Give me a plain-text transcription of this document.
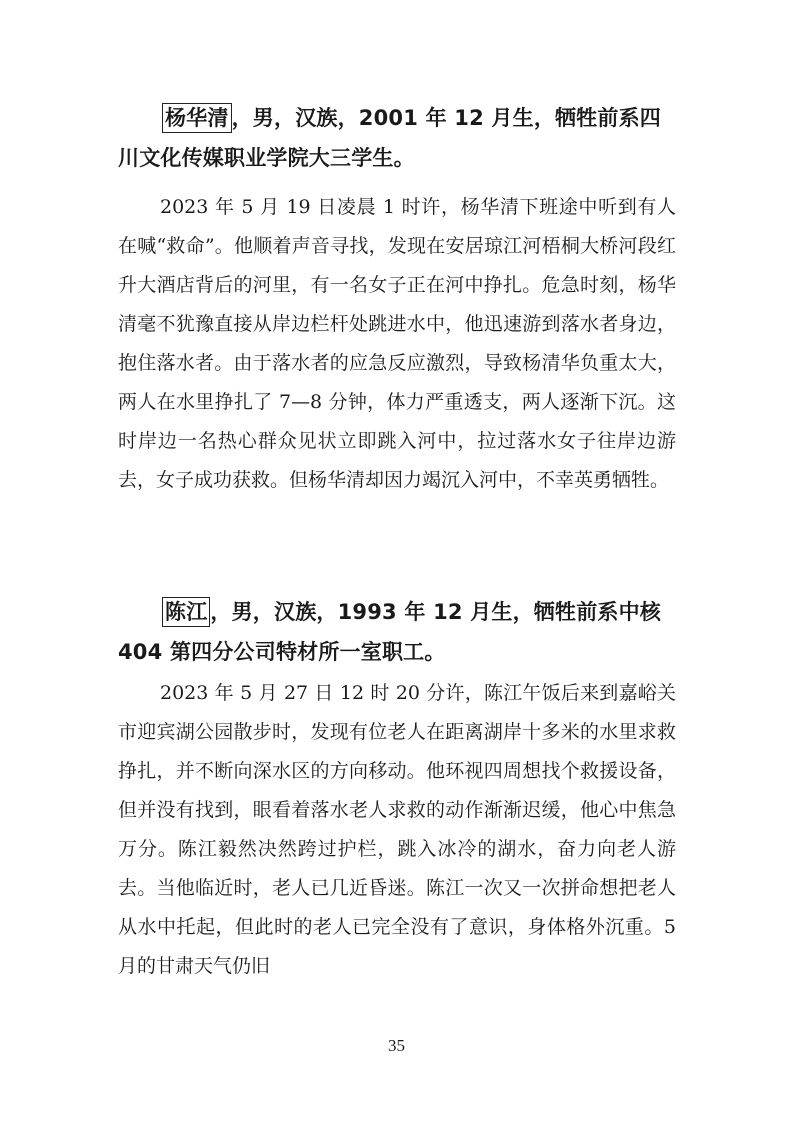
杨华清 ，男，汉族，2001 年 12 月生，牺牲前系四川文化传媒职业学院大三学生。

2023 年 5 月 19 日凌晨 1 时许，杨华清下班途中听到有人在喊“救命”。他顺着声音寻找，发现在安居琼江河梧桐大桥河段红升大酒店背后的河里，有一名女子正在河中挣扎。危急时刻，杨华清毫不犹豫直接从岸边栏杆处跳进水中，他迅速游到落水者身边，抱住落水者。由于落水者的应急反应激烈，导致杨清华负重太大，两人在水里挣扎了 7—8 分钟，体力严重透支，两人逐渐下沉。这时岸边一名热心群众见状立即跳入河中，拉过落水女子往岸边游去，女子成功获救。但杨华清却因力竭沉入河中，不幸英勇牺牲。

陈江 ，男，汉族，1993 年 12 月生，牺牲前系中核 404 第四分公司特材所一室职工。

2023 年 5 月 27 日 12 时 20 分许，陈江午饭后来到嘉峪关市迎宾湖公园散步时，发现有位老人在距离湖岸十多米的水里求救挣扎，并不断向深水区的方向移动。他环视四周想找个救援设备，但并没有找到，眼看着落水老人求救的动作渐渐迟缓，他心中焦急万分。陈江毅然决然跨过护栏，跳入冰冷的湖水，奋力向老人游去。当他临近时，老人已几近昏迷。陈江一次又一次拼命想把老人从水中托起，但此时的老人已完全没有了意识，身体格外沉重。5 月的甘肃天气仍旧

35
